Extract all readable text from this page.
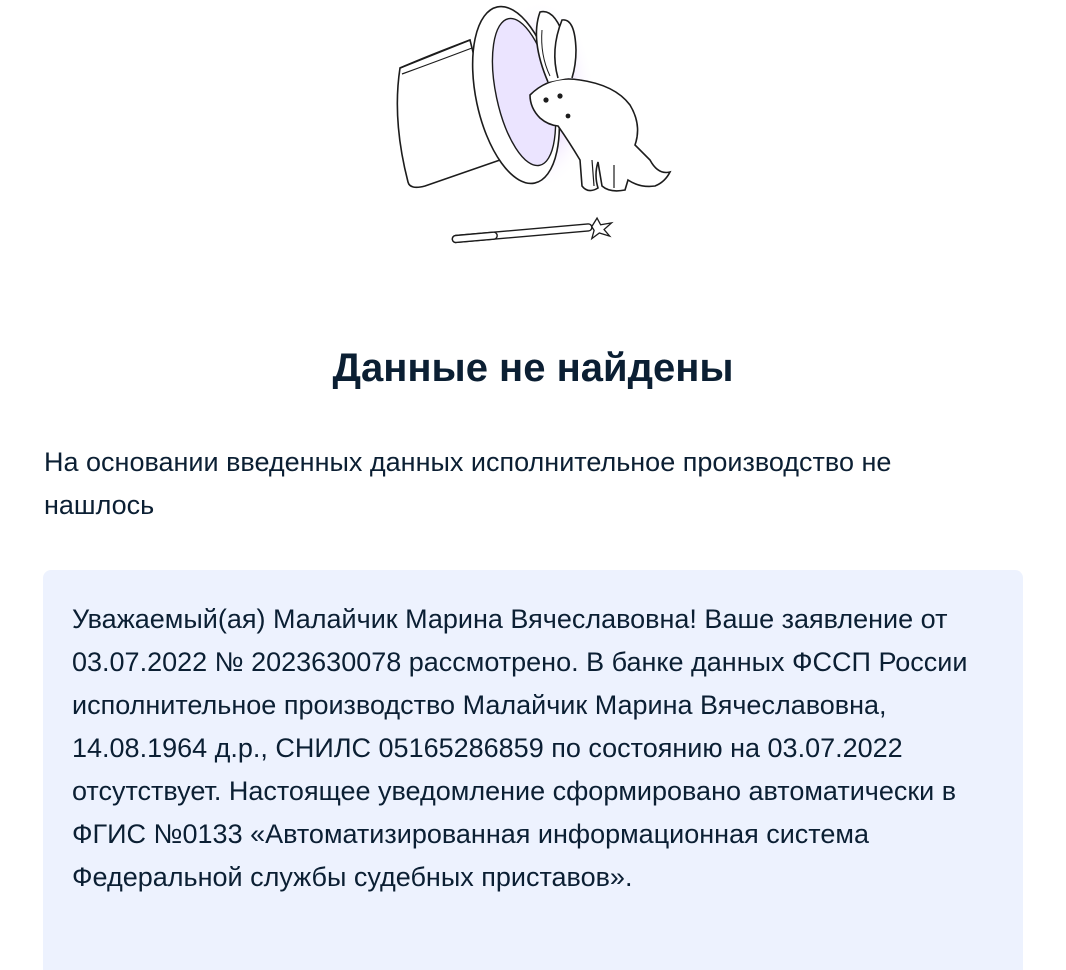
Данные не найдены

На основании введенных данных исполнительное производство не нашлось

Уважаемый(ая) Малайчик Марина Вячеславовна! Ваше заявление от 03.07.2022 № 2023630078 рассмотрено. В банке данных ФССП России исполнительное производство Малайчик Марина Вячеславовна, 14.08.1964 д.р., СНИЛС 05165286859 по состоянию на 03.07.2022 отсутствует. Настоящее уведомление сформировано автоматически в ФГИС №0133 «Автоматизированная информационная система Федеральной службы судебных приставов».
